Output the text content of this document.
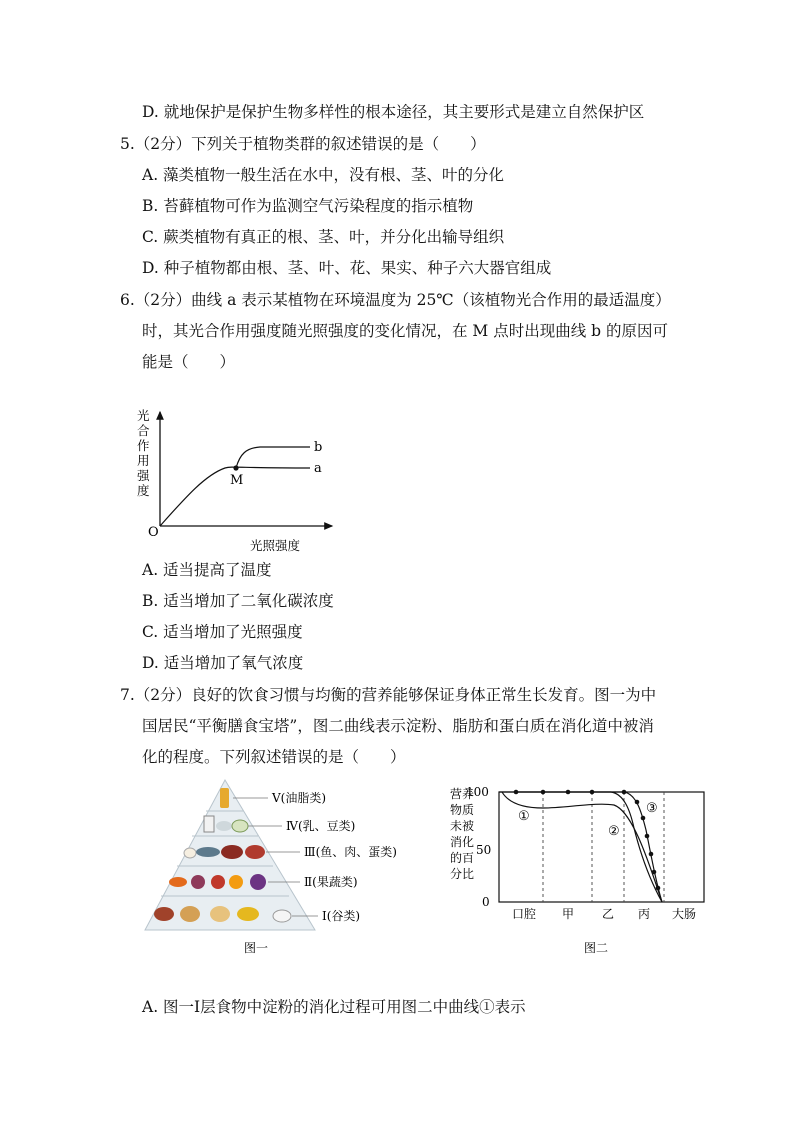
D. 就地保护是保护生物多样性的根本途径，其主要形式是建立自然保护区
5.（2分）下列关于植物类群的叙述错误的是（　　）
A. 藻类植物一般生活在水中，没有根、茎、叶的分化
B. 苔藓植物可作为监测空气污染程度的指示植物
C. 蕨类植物有真正的根、茎、叶，并分化出输导组织
D. 种子植物都由根、茎、叶、花、果实、种子六大器官组成
6.（2分）曲线 a 表示某植物在环境温度为 25℃（该植物光合作用的最适温度）
时，其光合作用强度随光照强度的变化情况，在 M 点时出现曲线 b 的原因可
能是（　　）
b
a
M
O
光
合
作
用
强
度
光照强度
A. 适当提高了温度
B. 适当增加了二氧化碳浓度
C. 适当增加了光照强度
D. 适当增加了氧气浓度
7.（2分）良好的饮食习惯与均衡的营养能够保证身体正常生长发育。图一为中
国居民“平衡膳食宝塔”，图二曲线表示淀粉、脂肪和蛋白质在消化道中被消
化的程度。下列叙述错误的是（　　）
Ⅴ(油脂类)
Ⅳ(乳、豆类)
Ⅲ(鱼、肉、蛋类)
Ⅱ(果蔬类)
Ⅰ(谷类)
图一
营养
物质
未被
消化
的百
分比
100
50
0
①
②
③
口腔 甲 乙 丙 大肠
图二
A. 图一Ⅰ层食物中淀粉的消化过程可用图二中曲线①表示
